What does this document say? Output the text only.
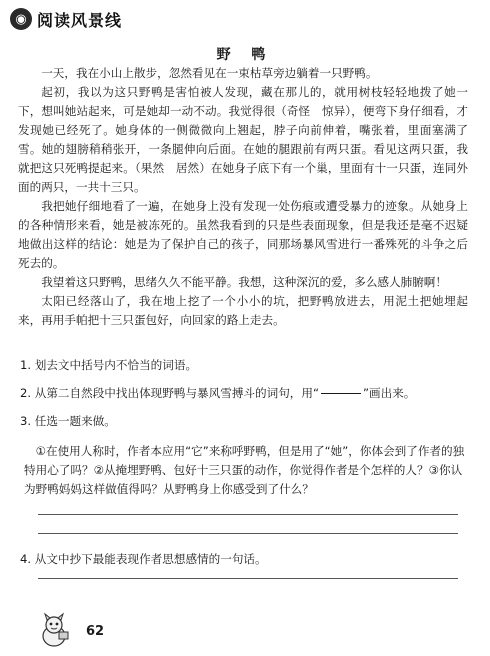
◉ 阅读风景线
野 鸭

一天，我在小山上散步，忽然看见在一束枯草旁边躺着一只野鸭。

起初，我以为这只野鸭是害怕被人发现，藏在那儿的，就用树枝轻轻地拨了她一下，想叫她站起来，可是她却一动不动。我觉得很（奇怪　惊异），便弯下身仔细看，才发现她已经死了。她身体的一侧微微向上翘起，脖子向前伸着，嘴张着，里面塞满了雪。她的翅膀稍稍张开，一条腿伸向后面。在她的腿跟前有两只蛋。看见这两只蛋，我就把这只死鸭提起来。（果然　居然）在她身子底下有一个巢，里面有十一只蛋，连同外面的两只，一共十三只。

我把她仔细地看了一遍，在她身上没有发现一处伤痕或遭受暴力的迹象。从她身上的各种情形来看，她是被冻死的。虽然我看到的只是些表面现象，但是我还是毫不迟疑地做出这样的结论：她是为了保护自己的孩子，同那场暴风雪进行一番殊死的斗争之后死去的。

我望着这只野鸭，思绪久久不能平静。我想，这种深沉的爱，多么感人肺腑啊！

太阳已经落山了，我在地上挖了一个小小的坑，把野鸭放进去，用泥土把她埋起来，再用手帕把十三只蛋包好，向回家的路上走去。

1. 划去文中括号内不恰当的词语。
2. 从第二自然段中找出体现野鸭与暴风雪搏斗的词句，用“	”画出来。
3. 任选一题来做。
①在使用人称时，作者本应用“它”来称呼野鸭，但是用了“她”，你体会到了作者的独特用心了吗？②从掩埋野鸭、包好十三只蛋的动作，你觉得作者是个怎样的人？③你认为野鸭妈妈这样做值得吗？从野鸭身上你感受到了什么？
4. 从文中抄下最能表现作者思想感情的一句话。
62
